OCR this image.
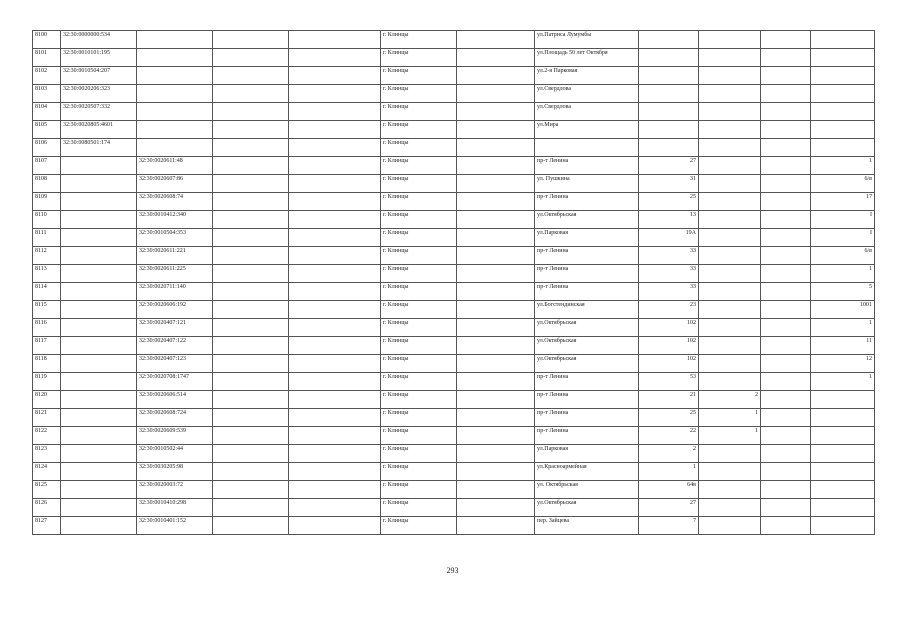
8100	32:30:0000000:534				г. Клинцы		ул.Патриса Лумумбы				
8101	32:30:0010101:195				г. Клинцы		ул.Площадь 50 лет Октября				
8102	32:30:0010504:207				г. Клинцы		ул.2-я Парковая				
8103	32:30:0020206:323				г. Клинцы		ул.Свердлова				
8104	32:30:0020507:332				г. Клинцы		ул.Свердлова				
8105	32:30:0020805:4601				г. Клинцы		ул.Мира				
8106	32:30:0080501:174				г. Клинцы						
8107		32:30:0020611:48			г. Клинцы		пр-т Ленина	27			1
8108		32:30:0020607:86			г. Клинцы		ул. Пушкина	31			6/в
8109		32:30:0020608:74			г. Клинцы		пр-т Ленина	25			17
8110		32:30:0010412:340			г. Клинцы		ул.Октябрьская	13			I
8111		32:30:0010504:353			г. Клинцы		ул.Парковая	19А			I
8112		32:30:0020611:221			г. Клинцы		пр-т Ленина	33			6/в
8113		32:30:0020611:225			г. Клинцы		пр-т Ленина	33			1
8114		32:30:0020711:140			г. Клинцы		пр-т Ленина	33			5
8115		32:30:0020606:192			г. Клинцы		ул.Богстендинская	23			1001
8116		32:30:0020407:121			г. Клинцы		ул.Октябрьская	102			1
8117		32:30:0020407:122			г. Клинцы		ул.Октябрьская	102			11
8118		32:30:0020407:123			г. Клинцы		ул.Октябрьская	102			12
8119		32:30:0020708:1747			г. Клинцы		пр-т Ленина	53			1
8120		32:30:0020606:514			г. Клинцы		пр-т Ленина	21	2		
8121		32:30:0020608:724			г. Клинцы		пр-т Ленина	25	1		
8122		32:30:0020609:539			г. Клинцы		пр-т Ленина	22	1		
8123		32:30:0010502:44			г. Клинцы		ул.Парковая	2			
8124		32:30:0030205:98			г. Клинцы		ул.Красноармейная	1			
8125		32:30:0020003:72			г. Клинцы		ул. Октябрьская	64в			
8126		32:30:0010410:298			г. Клинцы		ул.Октябрьская	27			
8127		32:30:0010401:152			г. Клинцы		пер. Зайцева	7			
293
